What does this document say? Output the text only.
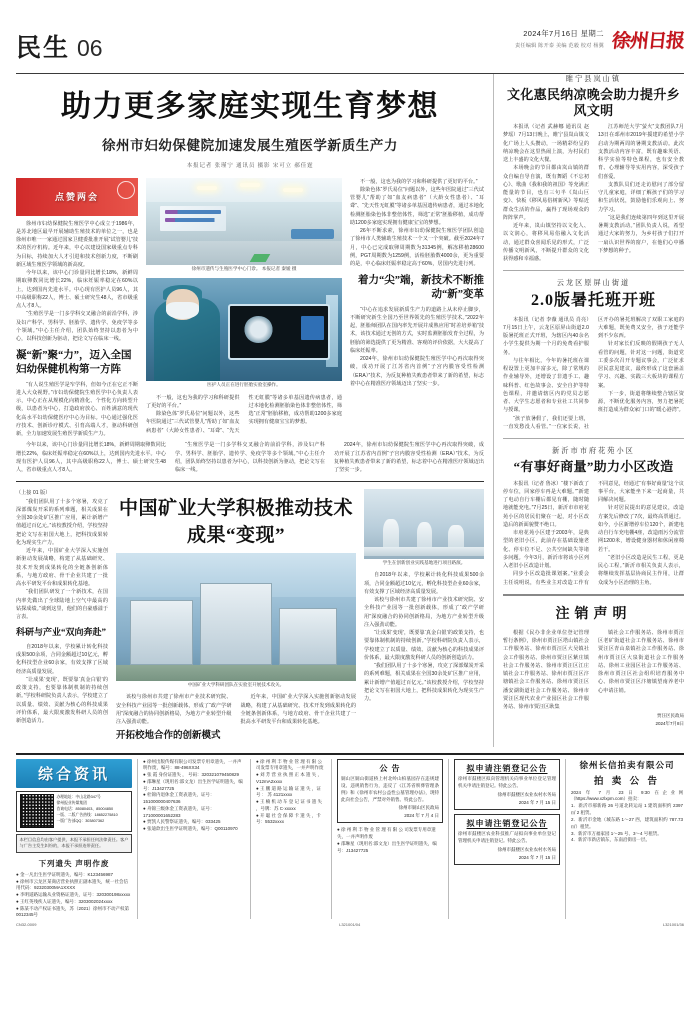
民生 06
2024年7月16日 星期二
责任编辑 陈开泰 美编 范毅 校对 杨翼 徐州日报
助力更多家庭实现生育梦想
徐州市妇幼保健院加速发展生殖医学新质生产力
本报记者 张瑾宁 通讯员 摄影 宋可立 郝佳霆
点赞两会

徐州市妇幼保健院生殖医学中心成立于1986年，是苏北地区最早开展辅助生殖技术的单位之一，也是徐州市唯一一家通过国家卫健委批准开展“试管婴儿”技术的医疗机构。近年来，中心以建设国家级重点专科为目标，持续加大人才引进和技术创新力度，不断刷新区域生殖医学领域的新高度。

今年以来，该中心门诊量同比增长18%，新鲜周期取卵数同比增长22%，临床妊娠率稳定在60%以上，达到国内先进水平。中心现有医护人员96人，其中高级职称22人，博士、硕士研究生48人，省市级重点人才8人。

“生殖医学是一门多学科交叉融合的前沿学科，涉及妇产科学、男科学、胚胎学、遗传学、免疫学等多个领域。”中心主任介绍，团队始终坚持以患者为中心，以科技创新为驱动，把论文写在临床一线。

凝“新”聚“力”，迈入全国妇幼保健机构第一方阵

“有人说生殖医学是窄学科，但如今正在它正不断进入大众视野。”市妇幼保健院生殖医学中心负责人表示，中心正在从规模化向精准化、个性化方向转型升级，以患者为中心，打造政府放心、百姓满意的现代化高水平妇幼保健医疗中心为目标。中心通过强化医疗技术、创新诊疗模式、引育高端人才，驱动科研创新，全力加速发展生殖医学新质生产力。

徐州市遗传与生殖医学中心门诊。 本报记者 秦媛 摄
医护人员正在进行胚胎实验室操作。

不一般，这也为我的学习和科研提供了更好的平台。”

除染色体“罗氏易位”问题以外，这些年医院通过“三代试管婴儿”帮助了如“血友病患者”（大龄女性患者）、“耳聋”、“先天性无虹膜”等诸多单基因遗传病患者，通过本地化检测胚胎染色体非整倍体性，筛选“正常”胚胎移植，成功帮助1200多家庭实现拥有健康宝宝的梦想。

不一般，这也为我的学习和科研提供了更好的平台。”

除染色体“罗氏易位”问题以外，这些年医院通过“三代试管婴儿”帮助了如“血友病患者”（大龄女性患者）、“耳聋”、“先天性无虹膜”等诸多单基因遗传病患者，通过本地化检测胚胎染色体非整倍体性，筛选“正常”胚胎移植，成功帮助1200多家庭实现拥有健康宝宝的梦想。

26年不断求索，徐州市妇幼保健院生殖医学团队创造了徐州市人类辅助生殖技术一个又一个突破。截至2024年7月，中心已完成取卵周期数为31345例，解冻移植28600例，PGT周期数为1259例，活检胚胎数4000余，更为重要的是，中心临床妊娠率稳定高于60%，居国内先进行列。

着力“尖”端，新技术不断推动“新”变革

“中心在追求发展新质生产力的道路上从未停止脚步，不断研究新生全国乃至世界领先的生殖医学技术。”2022年起，胚胎师团队在国内率先开展并成熟应用“时差培养箱”技术，该技术通过无创的方式，实时监测胚胎发育全过程，为胚胎的筛选提供了更为精准、客观的评价依据，大大提高了临床妊娠率。

2024年，徐州市妇幼保健院生殖医学中心再次取得突破，成功开展了江苏省内首例“子宫内膜容受性检测（ERA）”技术，为反复种植失败患者带来了新的希望，标志着中心在精准医疗领域迈出了坚实一步。

今年以来，该中心门诊量同比增长18%，新鲜周期取卵数同比增长22%，临床妊娠率稳定在60%以上，达到国内先进水平。中心现有医护人员96人，其中高级职称22人，博士、硕士研究生48人，省市级重点人才8人。

“生殖医学是一门多学科交叉融合的前沿学科，涉及妇产科学、男科学、胚胎学、遗传学、免疫学等多个领域。”中心主任介绍，团队始终坚持以患者为中心，以科技创新为驱动，把论文写在临床一线。

2024年，徐州市妇幼保健院生殖医学中心再次取得突破，成功开展了江苏省内首例“子宫内膜容受性检测（ERA）”技术，为反复种植失败患者带来了新的希望，标志着中心在精准医疗领域迈出了坚实一步。

（上接 01 版）

“我们团队用了十多个寒暑，攻克了深部煤炭开采的系列难题，相关成果在全国30余处矿区推广应用，累计新增产值超过百亿元。”该校教授介绍，学校坚持把论文写在祖国大地上，把科技成果转化为现实生产力。

近年来，中国矿业大学深入实施创新驱动发展战略，构建了从基础研究、技术开发到成果转化的全链条创新体系，与地方政府、骨干企业共建了一批高水平研发平台和成果转化基地。

“我们团队研发了一个新技术，在国内率先做出了全球陆地上空气中最高的钻探成绩。”谈到这里，他们的自豪感溢于言表。

科研与产业“双向奔赴”

自2018年以来，学校累计转化科技成果500余项，合同金额超过10亿元，孵化科技型企业60余家，有效支撑了区域经济高质量发展。

“让成果‘变现’，既要靠‘真金白银’的政策支持，也要靠体制机制的持续创新。”学校科研院负责人表示，学校建立了以质量、绩效、贡献为核心的科技成果评价体系，最大限度激发科研人员的创新创造活力。

中国矿业大学积极推动技术成果“变现”
中国矿业大学科研团队在实验室开展技术攻关。

该校与徐州市共建了徐州市产业技术研究院、安全科技产业园等一批创新载体，形成了“政产学研用”深度融合的协同创新格局，为地方产业转型升级注入强劲动能。

近年来，中国矿业大学深入实施创新驱动发展战略，构建了从基础研究、技术开发到成果转化的全链条创新体系，与地方政府、骨干企业共建了一批高水平研发平台和成果转化基地。

开拓校地合作的创新模式
学生在创新创业实践基地进行项目路演。

自2018年以来，学校累计转化科技成果500余项，合同金额超过10亿元，孵化科技型企业60余家，有效支撑了区域经济高质量发展。

该校与徐州市共建了徐州市产业技术研究院、安全科技产业园等一批创新载体，形成了“政产学研用”深度融合的协同创新格局，为地方产业转型升级注入强劲动能。

“让成果‘变现’，既要靠‘真金白银’的政策支持，也要靠体制机制的持续创新。”学校科研院负责人表示，学校建立了以质量、绩效、贡献为核心的科技成果评价体系，最大限度激发科研人员的创新创造活力。

“我们团队用了十多个寒暑，攻克了深部煤炭开采的系列难题，相关成果在全国30余处矿区推广应用，累计新增产值超过百亿元。”该校教授介绍，学校坚持把论文写在祖国大地上，把科技成果转化为现实生产力。

睢宁县岚山镇
文化惠民纳凉晚会助力提升乡风文明

本报讯（记者 武赫娜 通讯员 赵梦瑶）7月13日晚上，睢宁县岚山镇文化广场上人头攒动，一场精彩纷呈的纳凉晚会在这里热闹上演，为村民们送上丰盛的文化大餐。

本场晚会的节目都由岚山镇的群众自编自导自演，既有舞蹈《不忘初心》、歌曲《我和我的祖国》等充满正能量的节目，也有三句半《岚山巨变》、快板《移风易俗树新风》等贴近群众生活的作品，赢得了现场观众的阵阵掌声。

近年来，岚山镇坚持以文化人、以文润心，将移风易俗融入文化活动，通过群众喜闻乐见的形式，广泛传播文明新风，不断提升群众的文化获得感和幸福感。

江苏师范大学“萤火”支教团队7月13日在邳州市2019年援建的希望小学启动为期两周的暑期支教活动。此次支教活动内容丰富，既有趣味英语、科学实验等特色课程，也有安全教育、心理辅导等实用内容，深受孩子们喜爱。

支教队员们还走访慰问了部分留守儿童家庭，详细了解孩子们的学习和生活状况，鼓励他们乐观向上、努力学习。

“这是我们连续第四年到这里开展暑期支教活动。”团队负责人说，希望通过大家的努力，为乡村孩子们打开一扇认识世界的窗户，在他们心中播下梦想的种子。

云龙区原屏山街道
2.0版暑托班开班

本报讯（记者 李薇 通讯员 肖亮）7月15日上午，云龙区原屏山街道2.0版暑托班正式开班，为辖区内40余名小学生提供为期一个月的免费看护服务。

与往年相比，今年的暑托班在课程设置上更加丰富多元，除了常规的作业辅导外，还增设了非遗手工、趣味科普、红色故事会、安全自护等特色课程，并邀请辖区内的党员志愿者、大学生志愿者和专业社工共同参与授课。

“孩子放暑假了，我们还要上班，一直发愁没人看管。”一位家长说，社区开办的暑托班解决了双职工家庭的大难题，既免费又安全，孩子还能学到不少东西。

针对家长们反映的假期孩子无人看管的问题，针对这一问题，街道党工委多次召开专题议事会，广泛征求居民意见建议，最终形成了这套涵盖学习、兴趣、实践三大板块的课程方案。

下一步，街道将继续整合辖区资源，不断优化服务内容，努力把暑托班打造成为群众家门口的“暖心港湾”。

新沂市市府花苑小区
“有事好商量”助力小区改造

本报讯（记者 鲁冰）“楼下新改了停车位，回家停车再是大难题。”“新建了电动自行车棚后都见有棚，随时随地就能充电。”7月25日，新沂市市府花苑小区的居民们聚在一起，对小区改造后的新面貌赞不绝口。

市府花苑小区建于2003年，是典型的老旧小区，此前存在基础设施老化、停车位不足、公共空间缺失等诸多问题。今年3月，新沂市将该小区列入老旧小区改造计划。

同步小区改造批课划案。”业委会主任说明说，有些业主对改造工作有不同意见，经通过“有事好商量”这个议事平台，大家能坐下来一起商量，共同解决问题。

针对居民提出的意见建议，改造方案先后修改了7次，最终高票通过。如今，小区新增停车位120个，新建电动自行车充电棚4座，改造雨污分流管网1200米，增设健身器材和休闲座椅若干。

“老旧小区改造是民生工程，更是民心工程。”新沂市相关负责人表示，将继续发挥基层协商民主作用，让群众成为小区治理的主角。

注销声明

根据《民办非企业单位登记管理暂行条例》，徐州市贾汪区塔山镇社会工作服务站、徐州市贾汪区大吴镇社会工作服务站、徐州市贾汪区紫庄镇社会工作服务站、徐州市贾汪区江庄镇社会工作服务站、徐州市贾汪区汴塘镇社会工作服务站、徐州市贾汪区潘安湖街道社会工作服务站、徐州市贾汪区现代农业产业园区社会工作服务站、徐州市贾汪区耿集

镇社会工作服务站、徐州市贾汪区老矿街道社会工作服务站、徐州市贾汪区青山泉镇社会工作服务站、徐州市贾汪区大泉街道社会工作服务站、徐州工业园区社会工作服务站、徐州市贾汪区社会组织培育服务中心、徐州市贾汪区汴塘镇望南养老中心申请注销。

贾汪区民政局
2024年7月8日
综合资讯
办理地址：中山北路347号
徐州报业传媒集团
咨询电话：85080403、85004850
一版、二版广告热线：18652275810
一版广告部QQ：303807362
本栏目信息均由客户提供，本报不承担任何法律责任。客户与广告主发生纠纷的，本报不承担连带责任。
下列遗失 声明作废
● 金一凡出生医学证明遗失，编号：K123456987
● 徐州市云龙区某商店营业执照正副本遗失，统一社会信用代码：92320300MA1XXXX
● 李明道路运输从业资格证遗失，证号：320300198xxxxx
● 王红英残疾人证遗失，编号：3203002024xxxx
● 陈某不动产权证书遗失，苏（2021）徐州市不动产权第0012345号
● 徐州出版传媒有限公司发票专用章遗失，一并声明作废，编号：88-496XX34
● 张 霞 身份证遗失 ， 号码：320321079450829
● 邵琳星（现用名:邵文龙）出生医学证明遗失，编号：J13427725
● 杜锦内退休金工资表遗失，证号：151000000407636
● 舟锦三级休金工资表遗失，证号：171000001652283
● 贾凯人民警察证遗失，编号：033425
● 张迪歆出生医学证明遗失，编号：Q00110970
● 徐 州 利 丰 物 业 管 理 有 限 公 司发票专用章遗失，一并声明作废
● 刘 芳 营 业 执 照 正 本 遗 失 ，V12mA2xxxx
● 王 鹏 道 路 运 输 证 遗 失 ，证 号 ： 苏 4121xxxx
● 王 楠 机 动 车 登 记 证 书 遗 失 ，号牌：苏 C·xxxxx
● 开 聪 社 会 保 障 卡 遗 失 ，卡 号：5532xxxx
公 告
铜山区铜山街道桥上村北岭山柏墓园存在违规建设、违规销售行为，违反了《江苏省殡葬管理条例》和《徐州市农村公益性公墓管理办法》，现特此向社会公告，严禁对外销售。特此公告。
徐州市铜山区民政局
2024 年 7 月 4 日
● 徐 州 利 丰 物 业 管 理 有 限 公 司发票专用章遗失，一并声明作废
● 邵琳星（现用名:邵文龙）出生医学证明遗失，编号：J13427725
拟申请注销登记公告
徐州市鼓楼区拟向管理机关向事业单位登记管理机关申请注销登记。特此公告。
徐州市鼓楼区农业农村水务局
2024 年 7 月 15 日
拟申请注销登记公告
徐州市鼓楼区农业科技推广站拟向事业单位登记管理机关申请注销登记。特此公告。
徐州市鼓楼区农业农村水务局
2024 年 7 月 15 日
徐州长信拍卖有限公司
拍 卖 公 告
2024 年 7 月 23 日 9:30 在企业网（https://www.xzlxpm.com）拍卖：
1．新沂市郝新路 26 号道北转运站 1 建筑面积约 2397 ㎡ 2 租赁。
2．新沂市金地（城东路 1～27 西，建筑面积约 787.73 ㎡）租赁。
3．新沂市万福家园 1～25 号、3～4 号租赁。
4．新沂市新店镇东，东南沿街房一层。
CN32-0009	L321001/04	L321001/36
